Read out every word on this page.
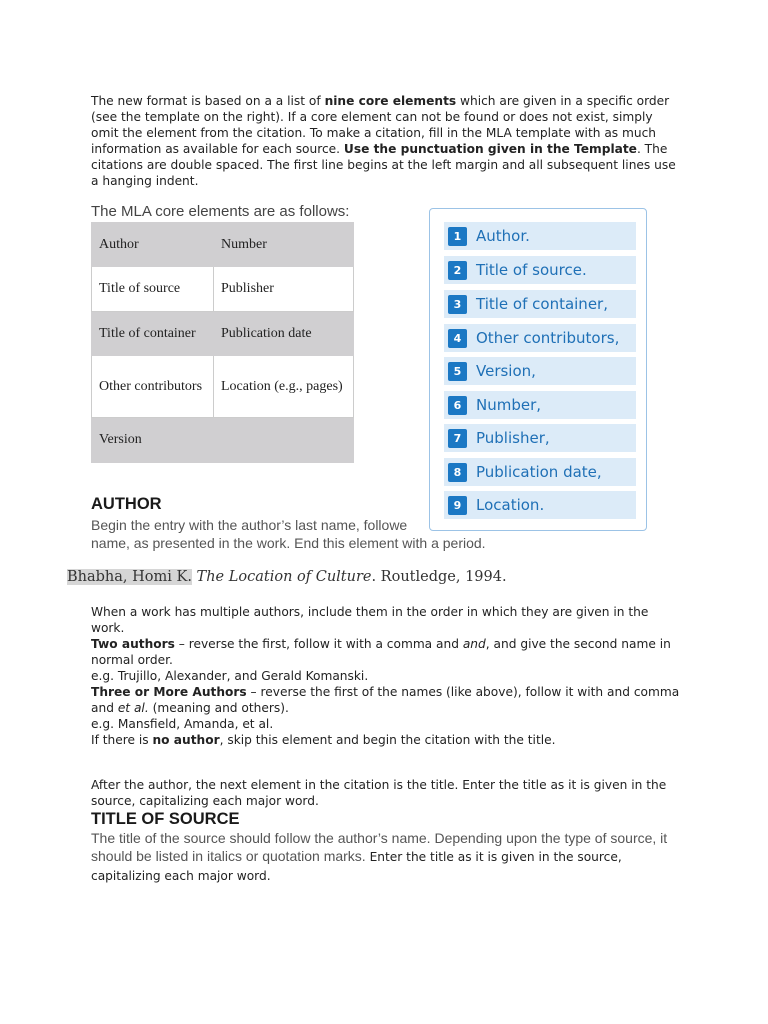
The new format is based on a a list of nine core elements which are given in a specific order (see the template on the right). If a core element can not be found or does not exist, simply omit the element from the citation. To make a citation, fill in the MLA template with as much information as available for each source. Use the punctuation given in the Template. The citations are double spaced. The first line begins at the left margin and all subsequent lines use a hanging indent.
The MLA core elements are as follows:
Author	Number
Title of source	Publisher
Title of container	Publication date
Other contributors	Location (e.g., pages)
Version	
1 Author.
2 Title of source.
3 Title of container,
4 Other contributors,
5 Version,
6 Number,
7 Publisher,
8 Publication date,
9 Location.
AUTHOR
Begin the entry with the author’s last name, followe
name, as presented in the work. End this element with a period.
Bhabha, Homi K. The Location of Culture. Routledge, 1994.
When a work has multiple authors, include them in the order in which they are given in the work.
Two authors – reverse the first, follow it with a comma and and, and give the second name in normal order.
e.g. Trujillo, Alexander, and Gerald Komanski.
Three or More Authors – reverse the first of the names (like above), follow it with and comma and et al. (meaning and others).
e.g. Mansfield, Amanda, et al.
If there is no author, skip this element and begin the citation with the title.
After the author, the next element in the citation is the title. Enter the title as it is given in the source, capitalizing each major word.
TITLE OF SOURCE
The title of the source should follow the author’s name. Depending upon the type of source, it should be listed in italics or quotation marks. Enter the title as it is given in the source, capitalizing each major word.
